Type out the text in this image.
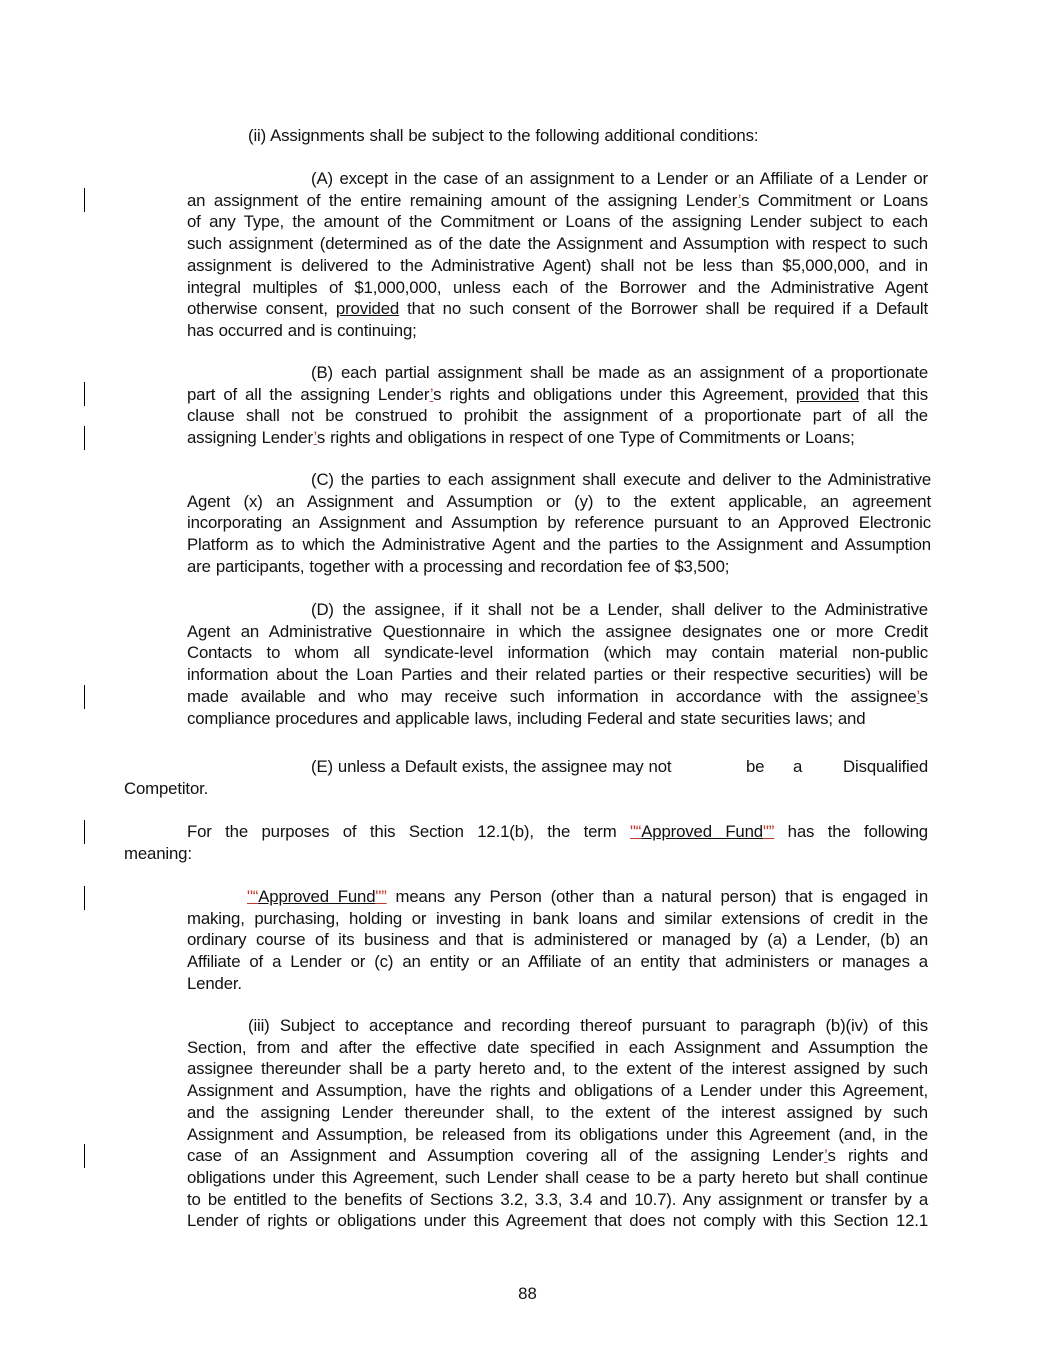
(ii) Assignments shall be subject to the following additional conditions:
(A) except in the case of an assignment to a Lender or an Affiliate of a Lender or
an assignment of the entire remaining amount of the assigning Lender’s Commitment or Loans
of any Type, the amount of the Commitment or Loans of the assigning Lender subject to each
such assignment (determined as of the date the Assignment and Assumption with respect to such
assignment is delivered to the Administrative Agent) shall not be less than $5,000,000, and in
integral multiples of $1,000,000, unless each of the Borrower and the Administrative Agent
otherwise consent, provided that no such consent of the Borrower shall be required if a Default
has occurred and is continuing;
(B) each partial assignment shall be made as an assignment of a proportionate
part of all the assigning Lender’s rights and obligations under this Agreement, provided that this
clause shall not be construed to prohibit the assignment of a proportionate part of all the
assigning Lender’s rights and obligations in respect of one Type of Commitments or Loans;
(C) the parties to each assignment shall execute and deliver to the Administrative
Agent (x) an Assignment and Assumption or (y) to the extent applicable, an agreement
incorporating an Assignment and Assumption by reference pursuant to an Approved Electronic
Platform as to which the Administrative Agent and the parties to the Assignment and Assumption
are participants, together with a processing and recordation fee of $3,500;
(D) the assignee, if it shall not be a Lender, shall deliver to the Administrative
Agent an Administrative Questionnaire in which the assignee designates one or more Credit
Contacts to whom all syndicate-level information (which may contain material non-public
information about the Loan Parties and their related parties or their respective securities) will be
made available and who may receive such information in accordance with the assignee’s
compliance procedures and applicable laws, including Federal and state securities laws; and
(E) unless a Default exists, the assignee may not	be a Disqualified
Competitor.
For the purposes of this Section 12.1(b), the term "“Approved Fund"” has the following
meaning:
"“Approved Fund"” means any Person (other than a natural person) that is engaged in
making, purchasing, holding or investing in bank loans and similar extensions of credit in the
ordinary course of its business and that is administered or managed by (a) a Lender, (b) an
Affiliate of a Lender or (c) an entity or an Affiliate of an entity that administers or manages a
Lender.
(iii) Subject to acceptance and recording thereof pursuant to paragraph (b)(iv) of this
Section, from and after the effective date specified in each Assignment and Assumption the
assignee thereunder shall be a party hereto and, to the extent of the interest assigned by such
Assignment and Assumption, have the rights and obligations of a Lender under this Agreement,
and the assigning Lender thereunder shall, to the extent of the interest assigned by such
Assignment and Assumption, be released from its obligations under this Agreement (and, in the
case of an Assignment and Assumption covering all of the assigning Lender’s rights and
obligations under this Agreement, such Lender shall cease to be a party hereto but shall continue
to be entitled to the benefits of Sections 3.2, 3.3, 3.4 and 10.7). Any assignment or transfer by a
Lender of rights or obligations under this Agreement that does not comply with this Section 12.1
88
